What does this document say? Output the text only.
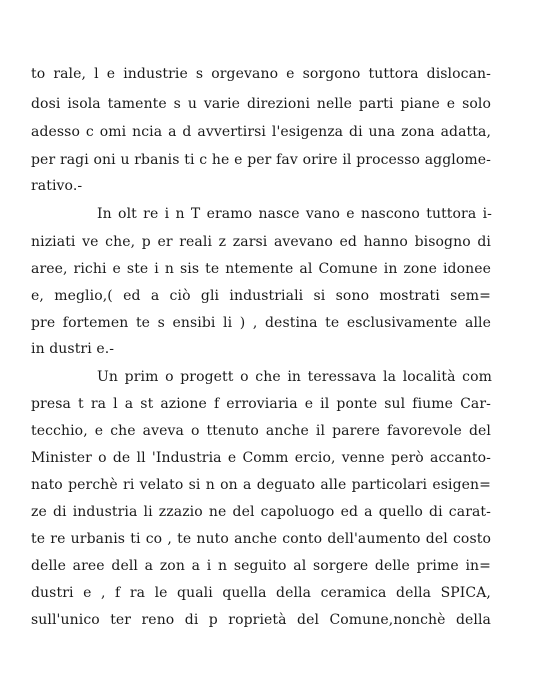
to rale, l e industrie s orgevano e sorgono tuttora dislocan-
dosi isola tamente s u varie direzioni nelle parti piane e solo
adesso c omi ncia a d avvertirsi l'esigenza di una zona adatta,
per ragi oni u rbanis ti c he e per fav orire il processo agglome-
rativo.-
In olt re i n T eramo nasce vano e nascono tuttora i-
niziati ve che, p er reali z zarsi avevano ed hanno bisogno di
aree, richi e ste i n sis te ntemente al Comune in zone idonee
e, meglio,( ed a ciò gli industriali si sono mostrati sem=
pre fortemen te s ensibi li ) , destina te esclusivamente alle
in dustri e.-
Un prim o progett o che in teressava la località com
presa t ra l a st azione f erroviaria e il ponte sul fiume Car-
tecchio, e che aveva o ttenuto anche il parere favorevole del
Minister o de ll 'Industria e Comm ercio, venne però accanto-
nato perchè ri velato si n on a deguato alle particolari esigen=
ze di industria li zzazio ne del capoluogo ed a quello di carat-
te re urbanis ti co , te nuto anche conto dell'aumento del costo
delle aree dell a zon a i n seguito al sorgere delle prime in=
dustri e , f ra le quali quella della ceramica della SPICA,
sull'unico ter reno di p roprietà del Comune,nonchè della
